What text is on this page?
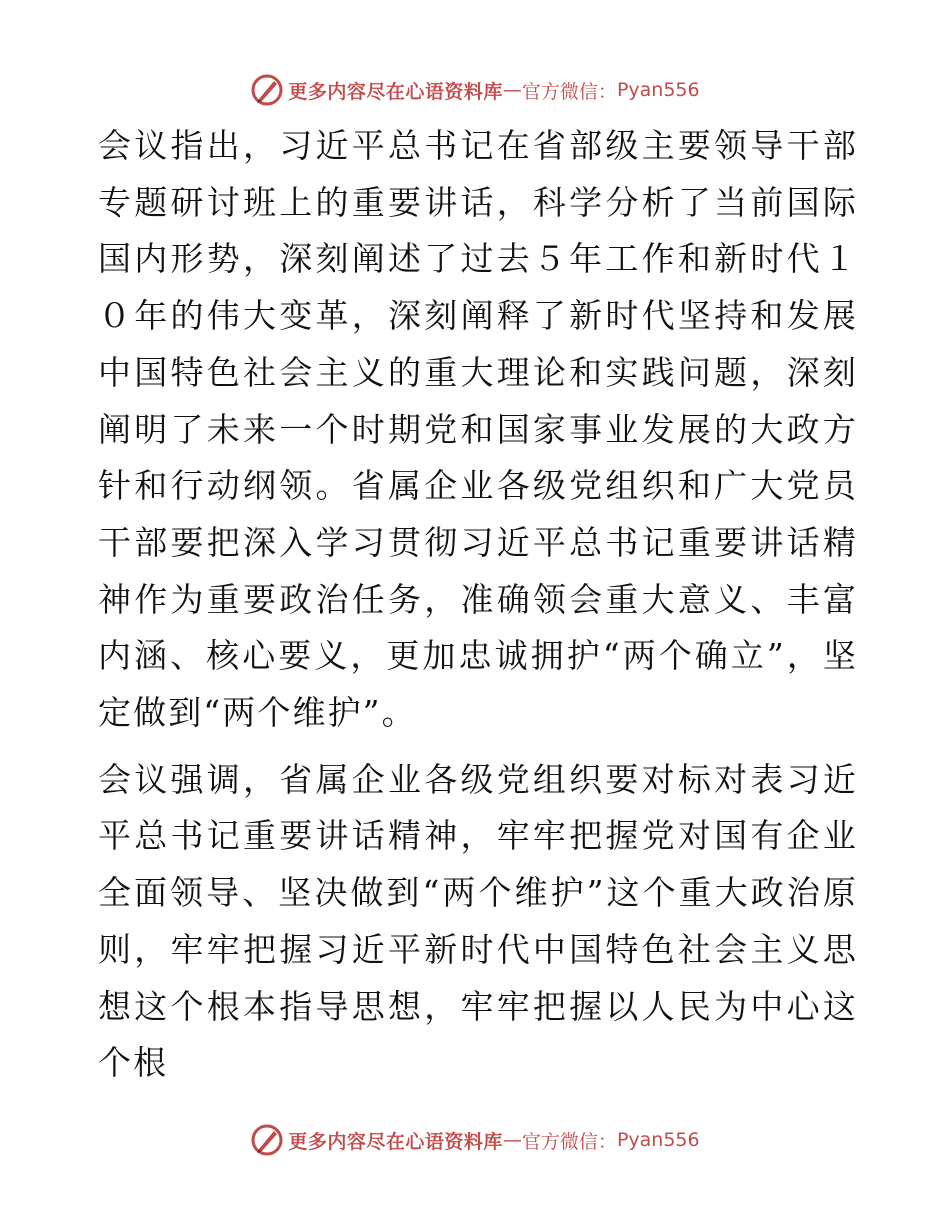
更多内容尽在心语资料库 — 官方微信： Pyan556

会议指出，习近平总书记在省部级主要领导干部专题研讨班上的重要讲话，科学分析了当前国际国内形势，深刻阐述了过去５年工作和新时代１０年的伟大变革，深刻阐释了新时代坚持和发展中国特色社会主义的重大理论和实践问题，深刻阐明了未来一个时期党和国家事业发展的大政方针和行动纲领。省属企业各级党组织和广大党员干部要把深入学习贯彻习近平总书记重要讲话精神作为重要政治任务，准确领会重大意义、丰富内涵、核心要义，更加忠诚拥护“两个确立”，坚定做到“两个维护”。

会议强调，省属企业各级党组织要对标对表习近平总书记重要讲话精神，牢牢把握党对国有企业全面领导、坚决做到“两个维护”这个重大政治原则，牢牢把握习近平新时代中国特色社会主义思想这个根本指导思想，牢牢把握以人民为中心这个根

更多内容尽在心语资料库 — 官方微信： Pyan556
